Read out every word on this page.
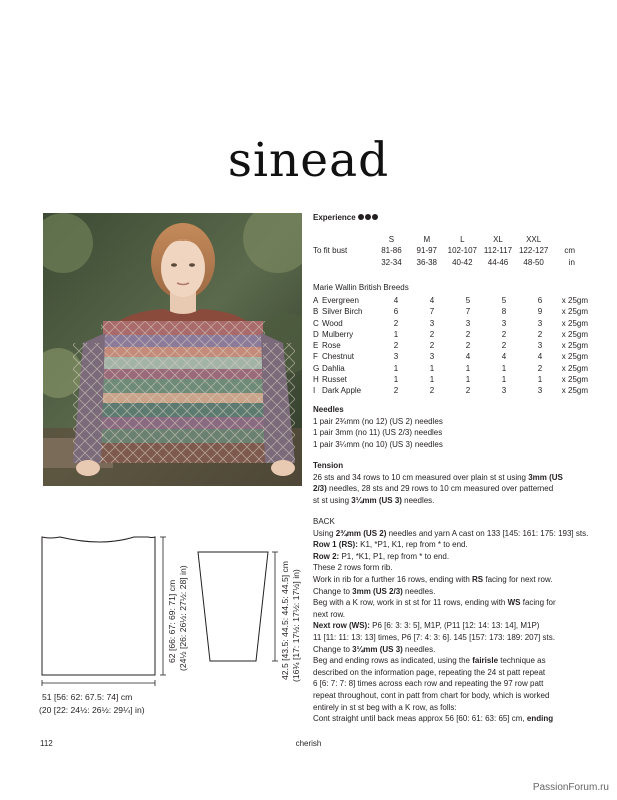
sinead
Experience
	S	M	L	XL	XXL	
To fit bust	81-86	91-97	102-107	112-117	122-127	cm
	32-34	36-38	40-42	44-46	48-50	in
Marie Wallin British Breeds
A	Evergreen	4	4	5	5	6	x 25gm
B	Silver Birch	6	7	7	8	9	x 25gm
C	Wood	2	3	3	3	3	x 25gm
D	Mulberry	1	2	2	2	2	x 25gm
E	Rose	2	2	2	2	3	x 25gm
F	Chestnut	3	3	4	4	4	x 25gm
G	Dahlia	1	1	1	1	2	x 25gm
H	Russet	1	1	1	1	1	x 25gm
I	Dark Apple	2	2	2	3	3	x 25gm
Needles
1 pair 2¾mm (no 12) (US 2) needles
1 pair 3mm (no 11) (US 2/3) needles
1 pair 3¼mm (no 10) (US 3) needles
Tension
26 sts and 34 rows to 10 cm measured over plain st st using 3mm (US
2/3) needles, 28 sts and 29 rows to 10 cm measured over patterned
st st using 3¼mm (US 3) needles.
BACK
Using 2¾mm (US 2) needles and yarn A cast on 133 [145: 161: 175: 193] sts.
Row 1 (RS): K1, *P1, K1, rep from * to end.
Row 2: P1, *K1, P1, rep from * to end.
These 2 rows form rib.
Work in rib for a further 16 rows, ending with RS facing for next row.
Change to 3mm (US 2/3) needles.
Beg with a K row, work in st st for 11 rows, ending with WS facing for
next row.
Next row (WS): P6 [6: 3: 3: 5], M1P, (P11 [12: 14: 13: 14], M1P)
11 [11: 11: 13: 13] times, P6 [7: 4: 3: 6]. 145 [157: 173: 189: 207] sts.
Change to 3¼mm (US 3) needles.
Beg and ending rows as indicated, using the fairisle technique as
described on the information page, repeating the 24 st patt repeat
6 [6: 7: 7: 8] times across each row and repeating the 97 row patt
repeat throughout, cont in patt from chart for body, which is worked
entirely in st st beg with a K row, as folls:
Cont straight until back meas approx 56 [60: 61: 63: 65] cm, ending
62 [66: 67: 69: 71] cm (24½ [26: 26½: 27½: 28] in)	42.5 [43.5: 44.5: 44.5: 44.5] cm (16¾ [17: 17½: 17½: 17½] in)
51 [56: 62: 67.5: 74] cm
(20 [22: 24½: 26½: 29¼] in)
112	cherish
PassionForum.ru
